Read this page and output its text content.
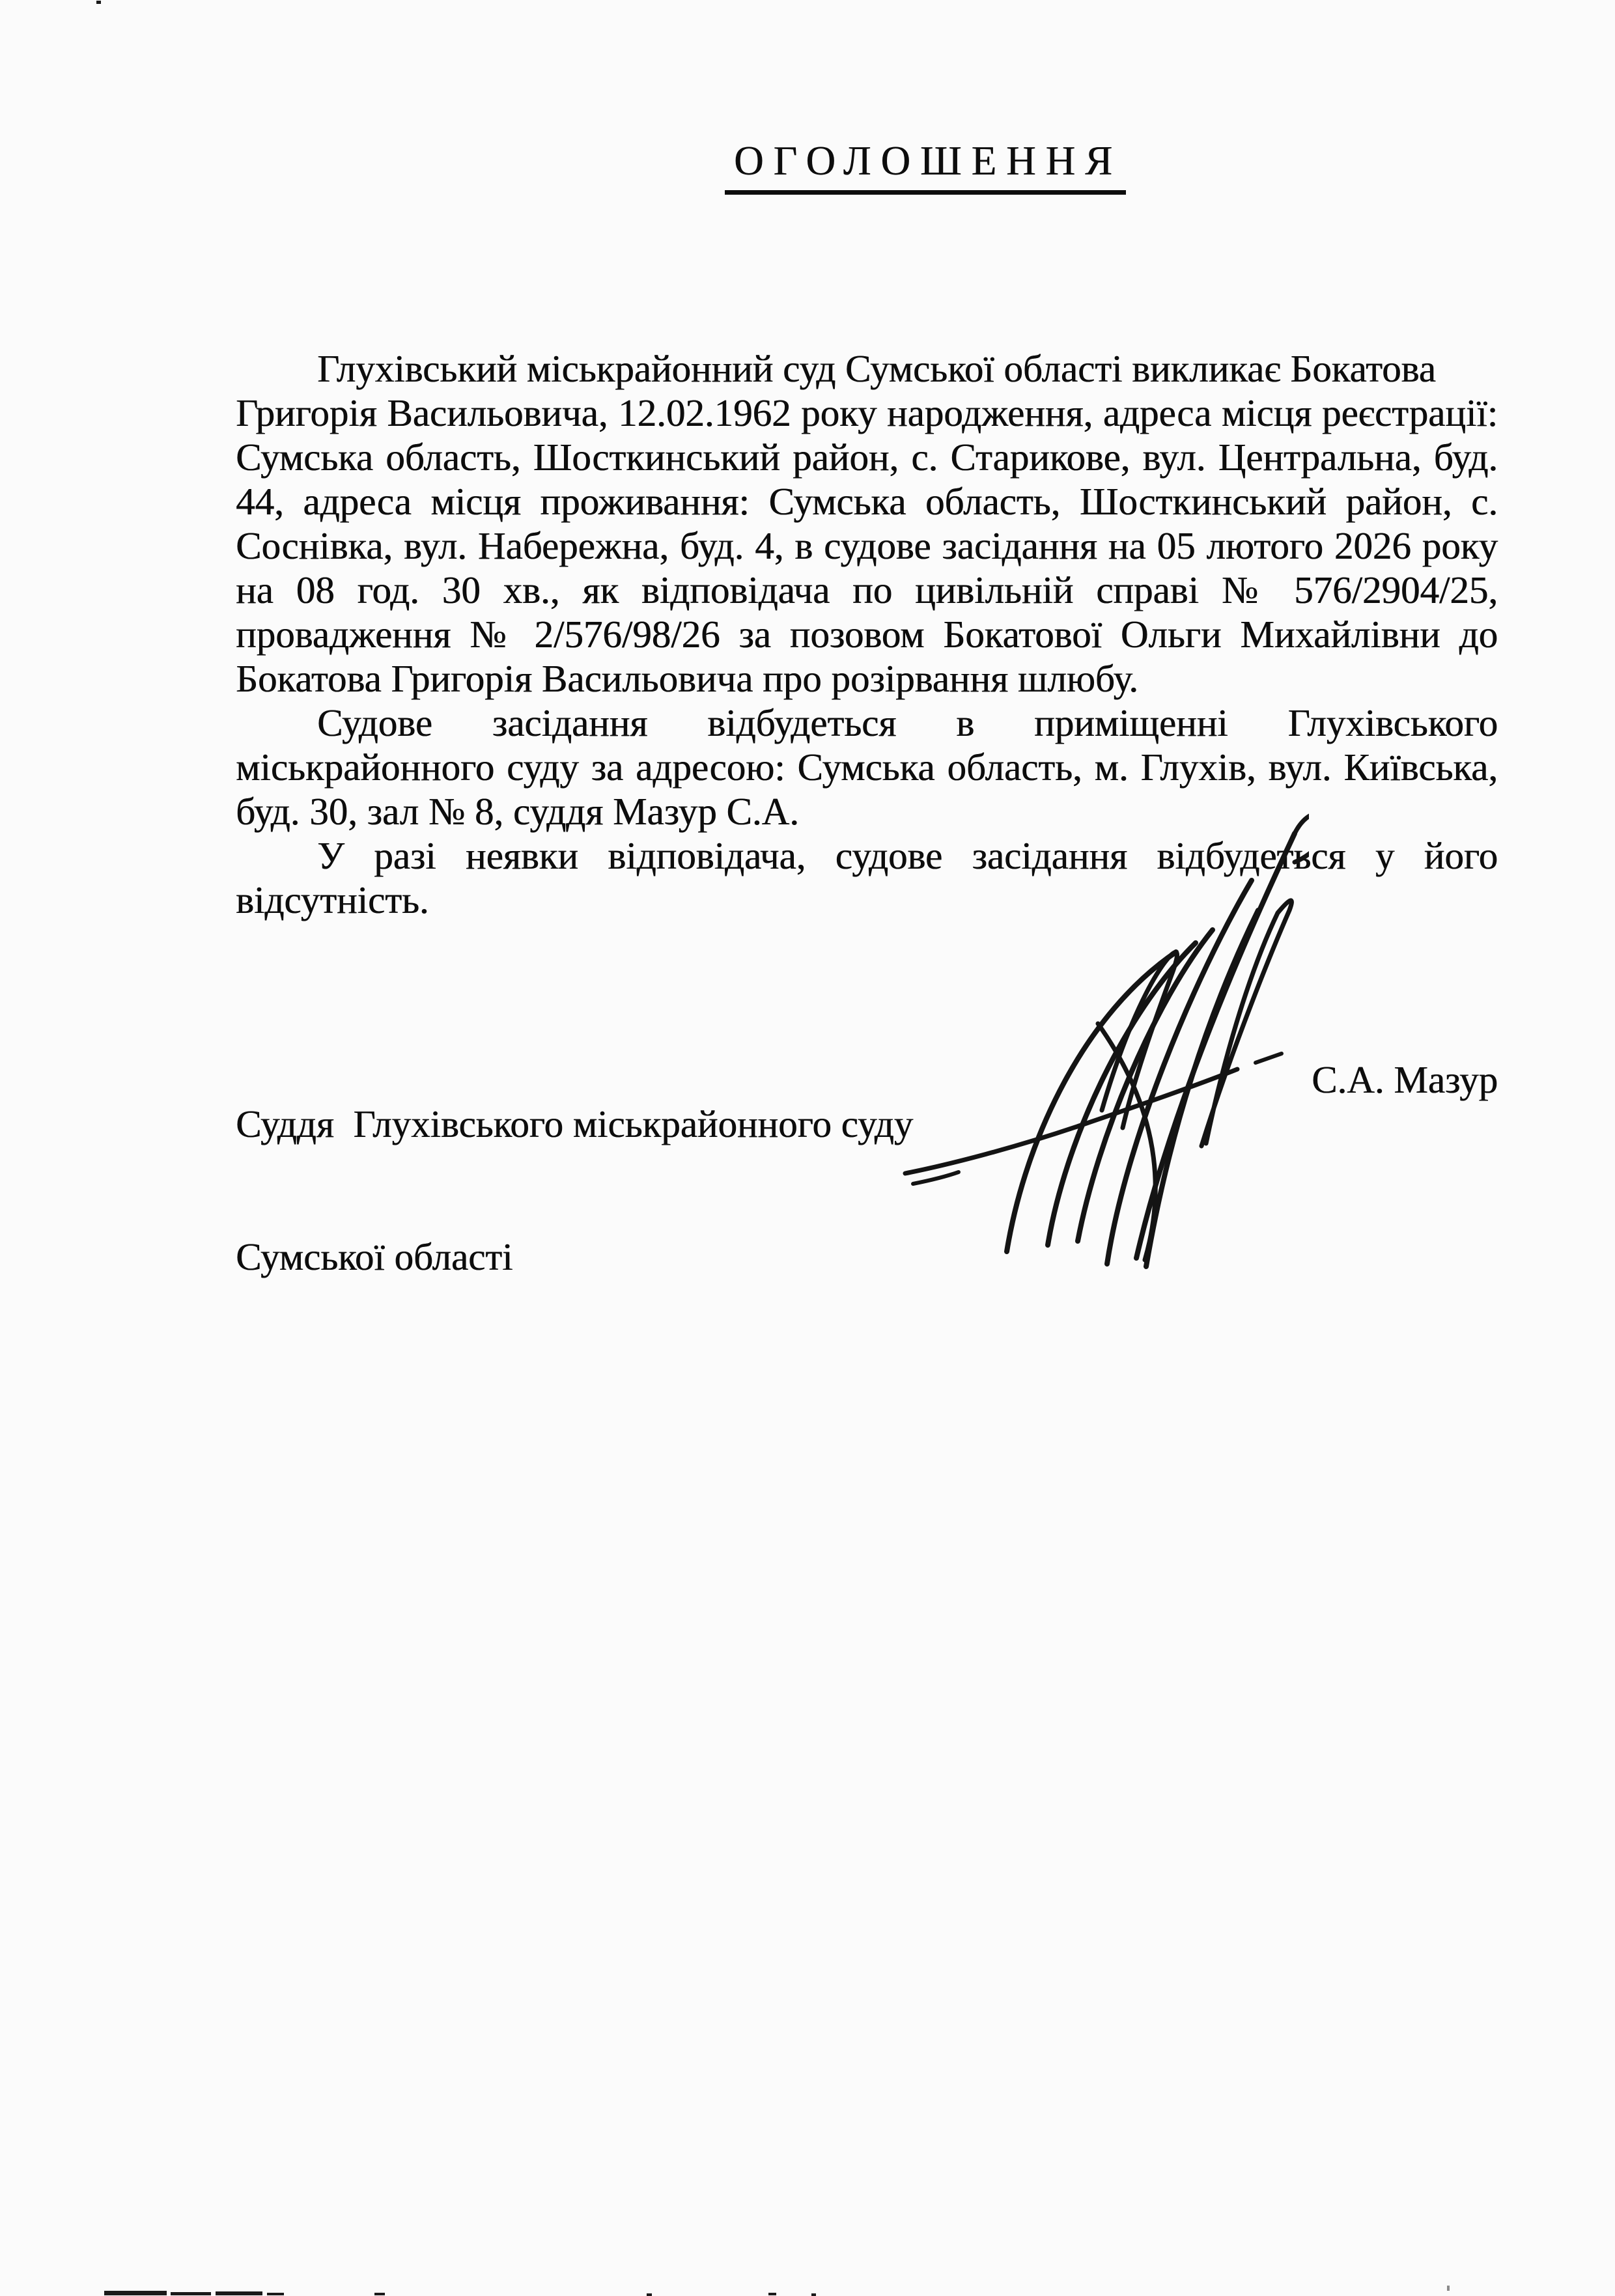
ОГОЛОШЕННЯ
Глухівський міськрайонний суд Сумської області викликає Бокатова
Григорія Васильовича, 12.02.1962 року народження, адреса місця реєстрації:
Сумська область, Шосткинський район, с. Старикове, вул. Центральна, буд.
44, адреса місця проживання: Сумська область, Шосткинський район, с.
Соснівка, вул. Набережна, буд. 4, в судове засідання на 05 лютого 2026 року
на 08 год. 30 хв., як відповідача по цивільній справі № 576/2904/25,
провадження № 2/576/98/26 за позовом Бокатової Ольги Михайлівни до
Бокатова Григорія Васильовича про розірвання шлюбу.
Судове засідання відбудеться в приміщенні Глухівського
міськрайонного суду за адресою: Сумська область, м. Глухів, вул. Київська,
буд. 30, зал № 8, суддя Мазур С.А.
У разі неявки відповідача, судове засідання відбудеться у його
відсутність.

Суддя  Глухівського міськрайонного суду

Сумської області

С.А. Мазур
